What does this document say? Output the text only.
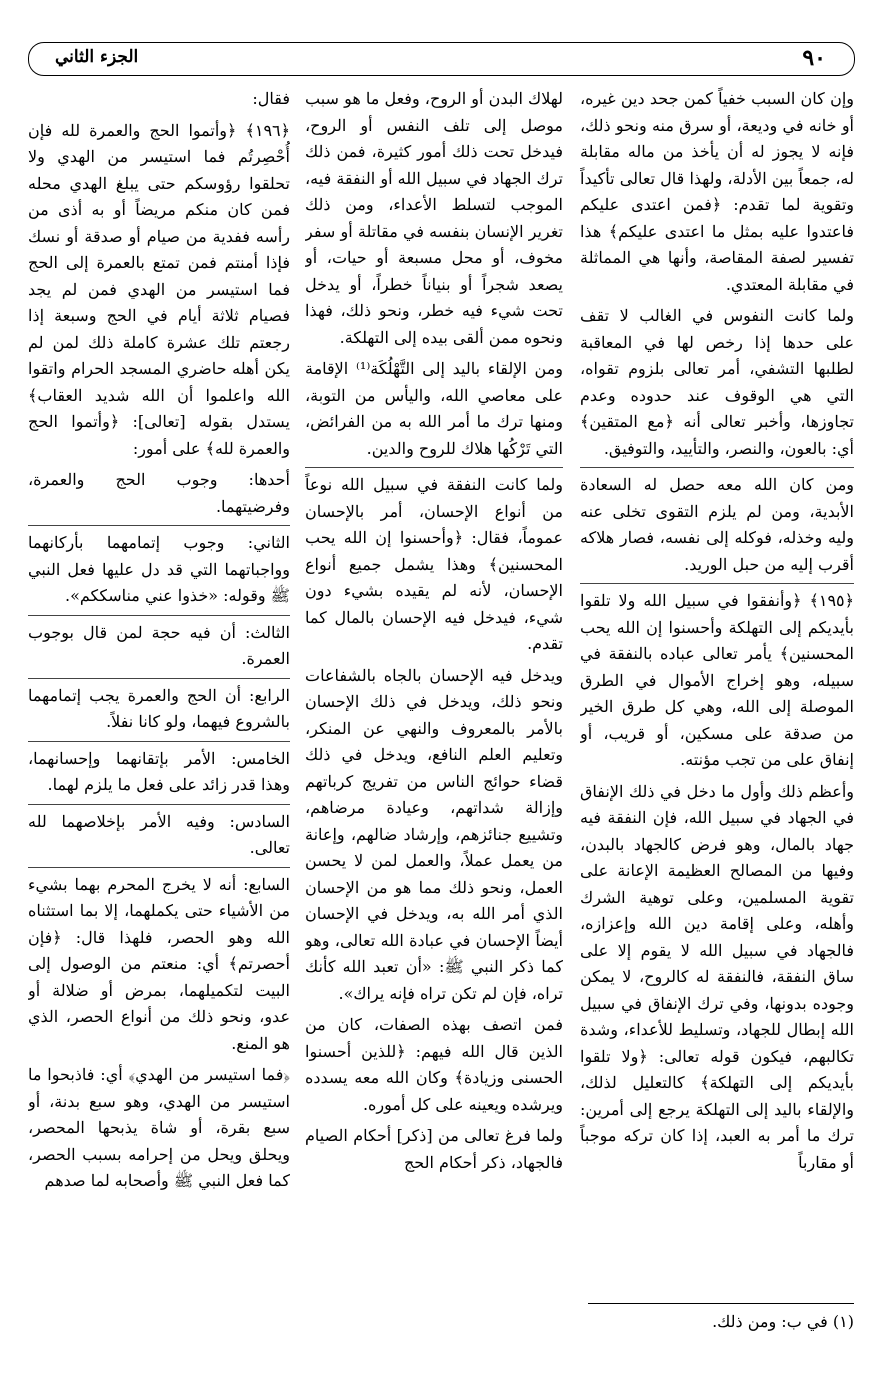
٩٠
الجزء الثاني

وإن كان السبب خفياً كمن جحد دين غيره، أو خانه في وديعة، أو سرق منه ونحو ذلك، فإنه لا يجوز له أن يأخذ من ماله مقابلة له، جمعاً بين الأدلة، ولهذا قال تعالى تأكيداً وتقوية لما تقدم: ﴿فمن اعتدى عليكم فاعتدوا عليه بمثل ما اعتدى عليكم﴾ هذا تفسير لصفة المقاصة، وأنها هي المماثلة في مقابلة المعتدي.

ولما كانت النفوس في الغالب لا تقف على حدها إذا رخص لها في المعاقبة لطلبها التشفي، أمر تعالى بلزوم تقواه، التي هي الوقوف عند حدوده وعدم تجاوزها، وأخبر تعالى أنه ﴿مع المتقين﴾ أي: بالعون، والنصر، والتأييد، والتوفيق.

ومن كان الله معه حصل له السعادة الأبدية، ومن لم يلزم التقوى تخلى عنه وليه وخذله، فوكله إلى نفسه، فصار هلاكه أقرب إليه من حبل الوريد.

﴿١٩٥﴾ ﴿وأنفقوا في سبيل الله ولا تلقوا بأيديكم إلى التهلكة وأحسنوا إن الله يحب المحسنين﴾ يأمر تعالى عباده بالنفقة في سبيله، وهو إخراج الأموال في الطرق الموصلة إلى الله، وهي كل طرق الخير من صدقة على مسكين، أو قريب، أو إنفاق على من تجب مؤنته.

وأعظم ذلك وأول ما دخل في ذلك الإنفاق في الجهاد في سبيل الله، فإن النفقة فيه جهاد بالمال، وهو فرض كالجهاد بالبدن، وفيها من المصالح العظيمة الإعانة على تقوية المسلمين، وعلى توهية الشرك وأهله، وعلى إقامة دين الله وإعزازه، فالجهاد في سبيل الله لا يقوم إلا على ساق النفقة، فالنفقة له كالروح، لا يمكن وجوده بدونها، وفي ترك الإنفاق في سبيل الله إبطال للجهاد، وتسليط للأعداء، وشدة تكالبهم، فيكون قوله تعالى: ﴿ولا تلقوا بأيديكم إلى التهلكة﴾ كالتعليل لذلك، والإلقاء باليد إلى التهلكة يرجع إلى أمرين: ترك ما أمر به العبد، إذا كان تركه موجباً أو مقارباً

لهلاك البدن أو الروح، وفعل ما هو سبب موصل إلى تلف النفس أو الروح، فيدخل تحت ذلك أمور كثيرة، فمن ذلك ترك الجهاد في سبيل الله أو النفقة فيه، الموجب لتسلط الأعداء، ومن ذلك تغرير الإنسان بنفسه في مقاتلة أو سفر مخوف، أو محل مسبعة أو حيات، أو يصعد شجراً أو بنياناً خطراً، أو يدخل تحت شيء فيه خطر، ونحو ذلك، فهذا ونحوه ممن ألقى بيده إلى التهلكة.

ومن الإلقاء باليد إلى التَّهْلُكَة⁽¹⁾ الإقامة على معاصي الله، واليأس من التوبة، ومنها ترك ما أمر الله به من الفرائض، التي تَرْكُها هلاك للروح والدين.

ولما كانت النفقة في سبيل الله نوعاً من أنواع الإحسان، أمر بالإحسان عموماً، فقال: ﴿وأحسنوا إن الله يحب المحسنين﴾ وهذا يشمل جميع أنواع الإحسان، لأنه لم يقيده بشيء دون شيء، فيدخل فيه الإحسان بالمال كما تقدم.

ويدخل فيه الإحسان بالجاه بالشفاعات ونحو ذلك، ويدخل في ذلك الإحسان بالأمر بالمعروف والنهي عن المنكر، وتعليم العلم النافع، ويدخل في ذلك قضاء حوائج الناس من تفريج كرباتهم وإزالة شداتهم، وعيادة مرضاهم، وتشييع جنائزهم، وإرشاد ضالهم، وإعانة من يعمل عملاً، والعمل لمن لا يحسن العمل، ونحو ذلك مما هو من الإحسان الذي أمر الله به، ويدخل في الإحسان أيضاً الإحسان في عبادة الله تعالى، وهو كما ذكر النبي ﷺ: «أن تعبد الله كأنك تراه، فإن لم تكن تراه فإنه يراك».

فمن اتصف بهذه الصفات، كان من الذين قال الله فيهم: ﴿للذين أحسنوا الحسنى وزيادة﴾ وكان الله معه يسدده ويرشده ويعينه على كل أموره.

ولما فرغ تعالى من [ذكر] أحكام الصيام فالجهاد، ذكر أحكام الحج

فقال:

﴿١٩٦﴾ ﴿وأتموا الحج والعمرة لله فإن أُحْصِرتُم فما استيسر من الهدي ولا تحلقوا رؤوسكم حتى يبلغ الهدي محله فمن كان منكم مريضاً أو به أذى من رأسه ففدية من صيام أو صدقة أو نسك فإذا أمنتم فمن تمتع بالعمرة إلى الحج فما استيسر من الهدي فمن لم يجد فصيام ثلاثة أيام في الحج وسبعة إذا رجعتم تلك عشرة كاملة ذلك لمن لم يكن أهله حاضري المسجد الحرام واتقوا الله واعلموا أن الله شديد العقاب﴾ يستدل بقوله [تعالى]: ﴿وأتموا الحج والعمرة لله﴾ على أمور:

أحدها: وجوب الحج والعمرة، وفرضيتهما.

الثاني: وجوب إتمامهما بأركانهما وواجباتهما التي قد دل عليها فعل النبي ﷺ وقوله: «خذوا عني مناسككم».

الثالث: أن فيه حجة لمن قال بوجوب العمرة.

الرابع: أن الحج والعمرة يجب إتمامهما بالشروع فيهما، ولو كانا نفلاً.

الخامس: الأمر بإتقانهما وإحسانهما، وهذا قدر زائد على فعل ما يلزم لهما.

السادس: وفيه الأمر بإخلاصهما لله تعالى.

السابع: أنه لا يخرج المحرم بهما بشيء من الأشياء حتى يكملهما، إلا بما استثناه الله وهو الحصر، فلهذا قال: ﴿فإن أحصرتم﴾ أي: منعتم من الوصول إلى البيت لتكميلهما، بمرض أو ضلالة أو عدو، ونحو ذلك من أنواع الحصر، الذي هو المنع.

﴿فما استيسر من الهدي﴾ أي: فاذبحوا ما استيسر من الهدي، وهو سبع بدنة، أو سبع بقرة، أو شاة يذبحها المحصر، ويحلق ويحل من إحرامه بسبب الحصر، كما فعل النبي ﷺ وأصحابه لما صدهم

(١) في ب: ومن ذلك.
